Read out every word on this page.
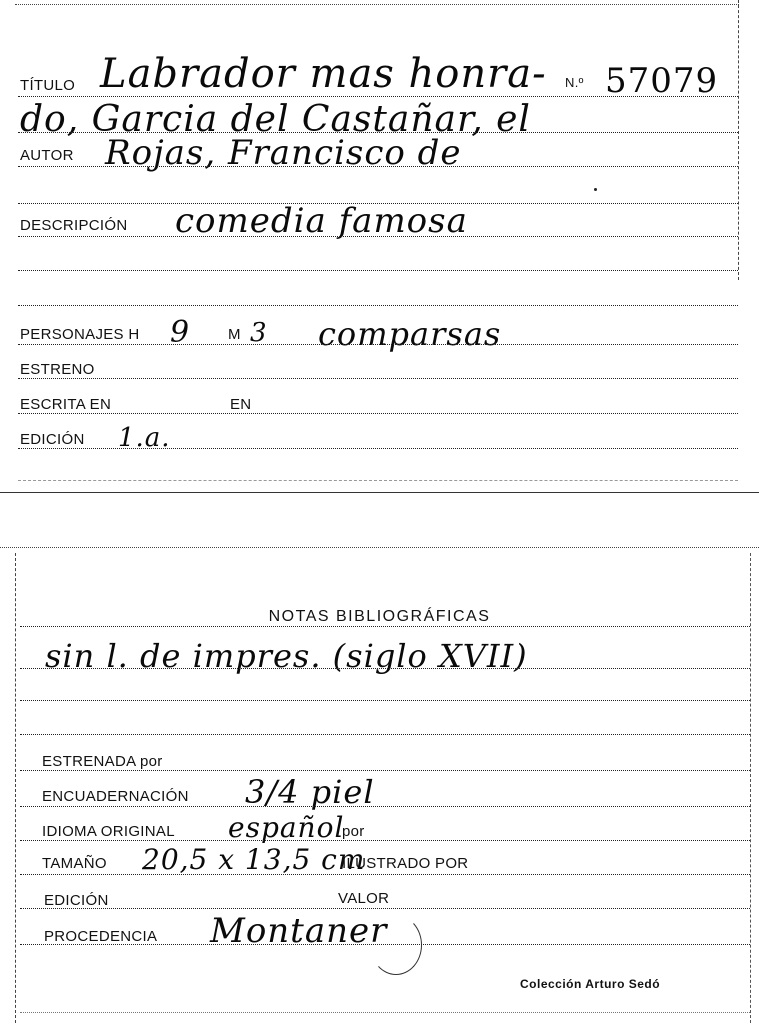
TÍTULO Labrador mas honra- N.º 57079
do, Garcia del Castañar, el
AUTOR Rojas, Francisco de
DESCRIPCIÓN comedia famosa
PERSONAJES H 9	M 3 comparsas
ESTRENO
ESCRITA EN	EN
EDICIÓN 1.a.
NOTAS BIBLIOGRÁFICAS
sin l. de impres. (siglo XVII)
ESTRENADA por
ENCUADERNACIÓN 3/4 piel
IDIOMA ORIGINAL español
por
TAMAÑO 20,5 x 13,5 cm
ILUSTRADO POR
EDICIÓN	VALOR
PROCEDENCIA Montaner
Colección Arturo Sedó
